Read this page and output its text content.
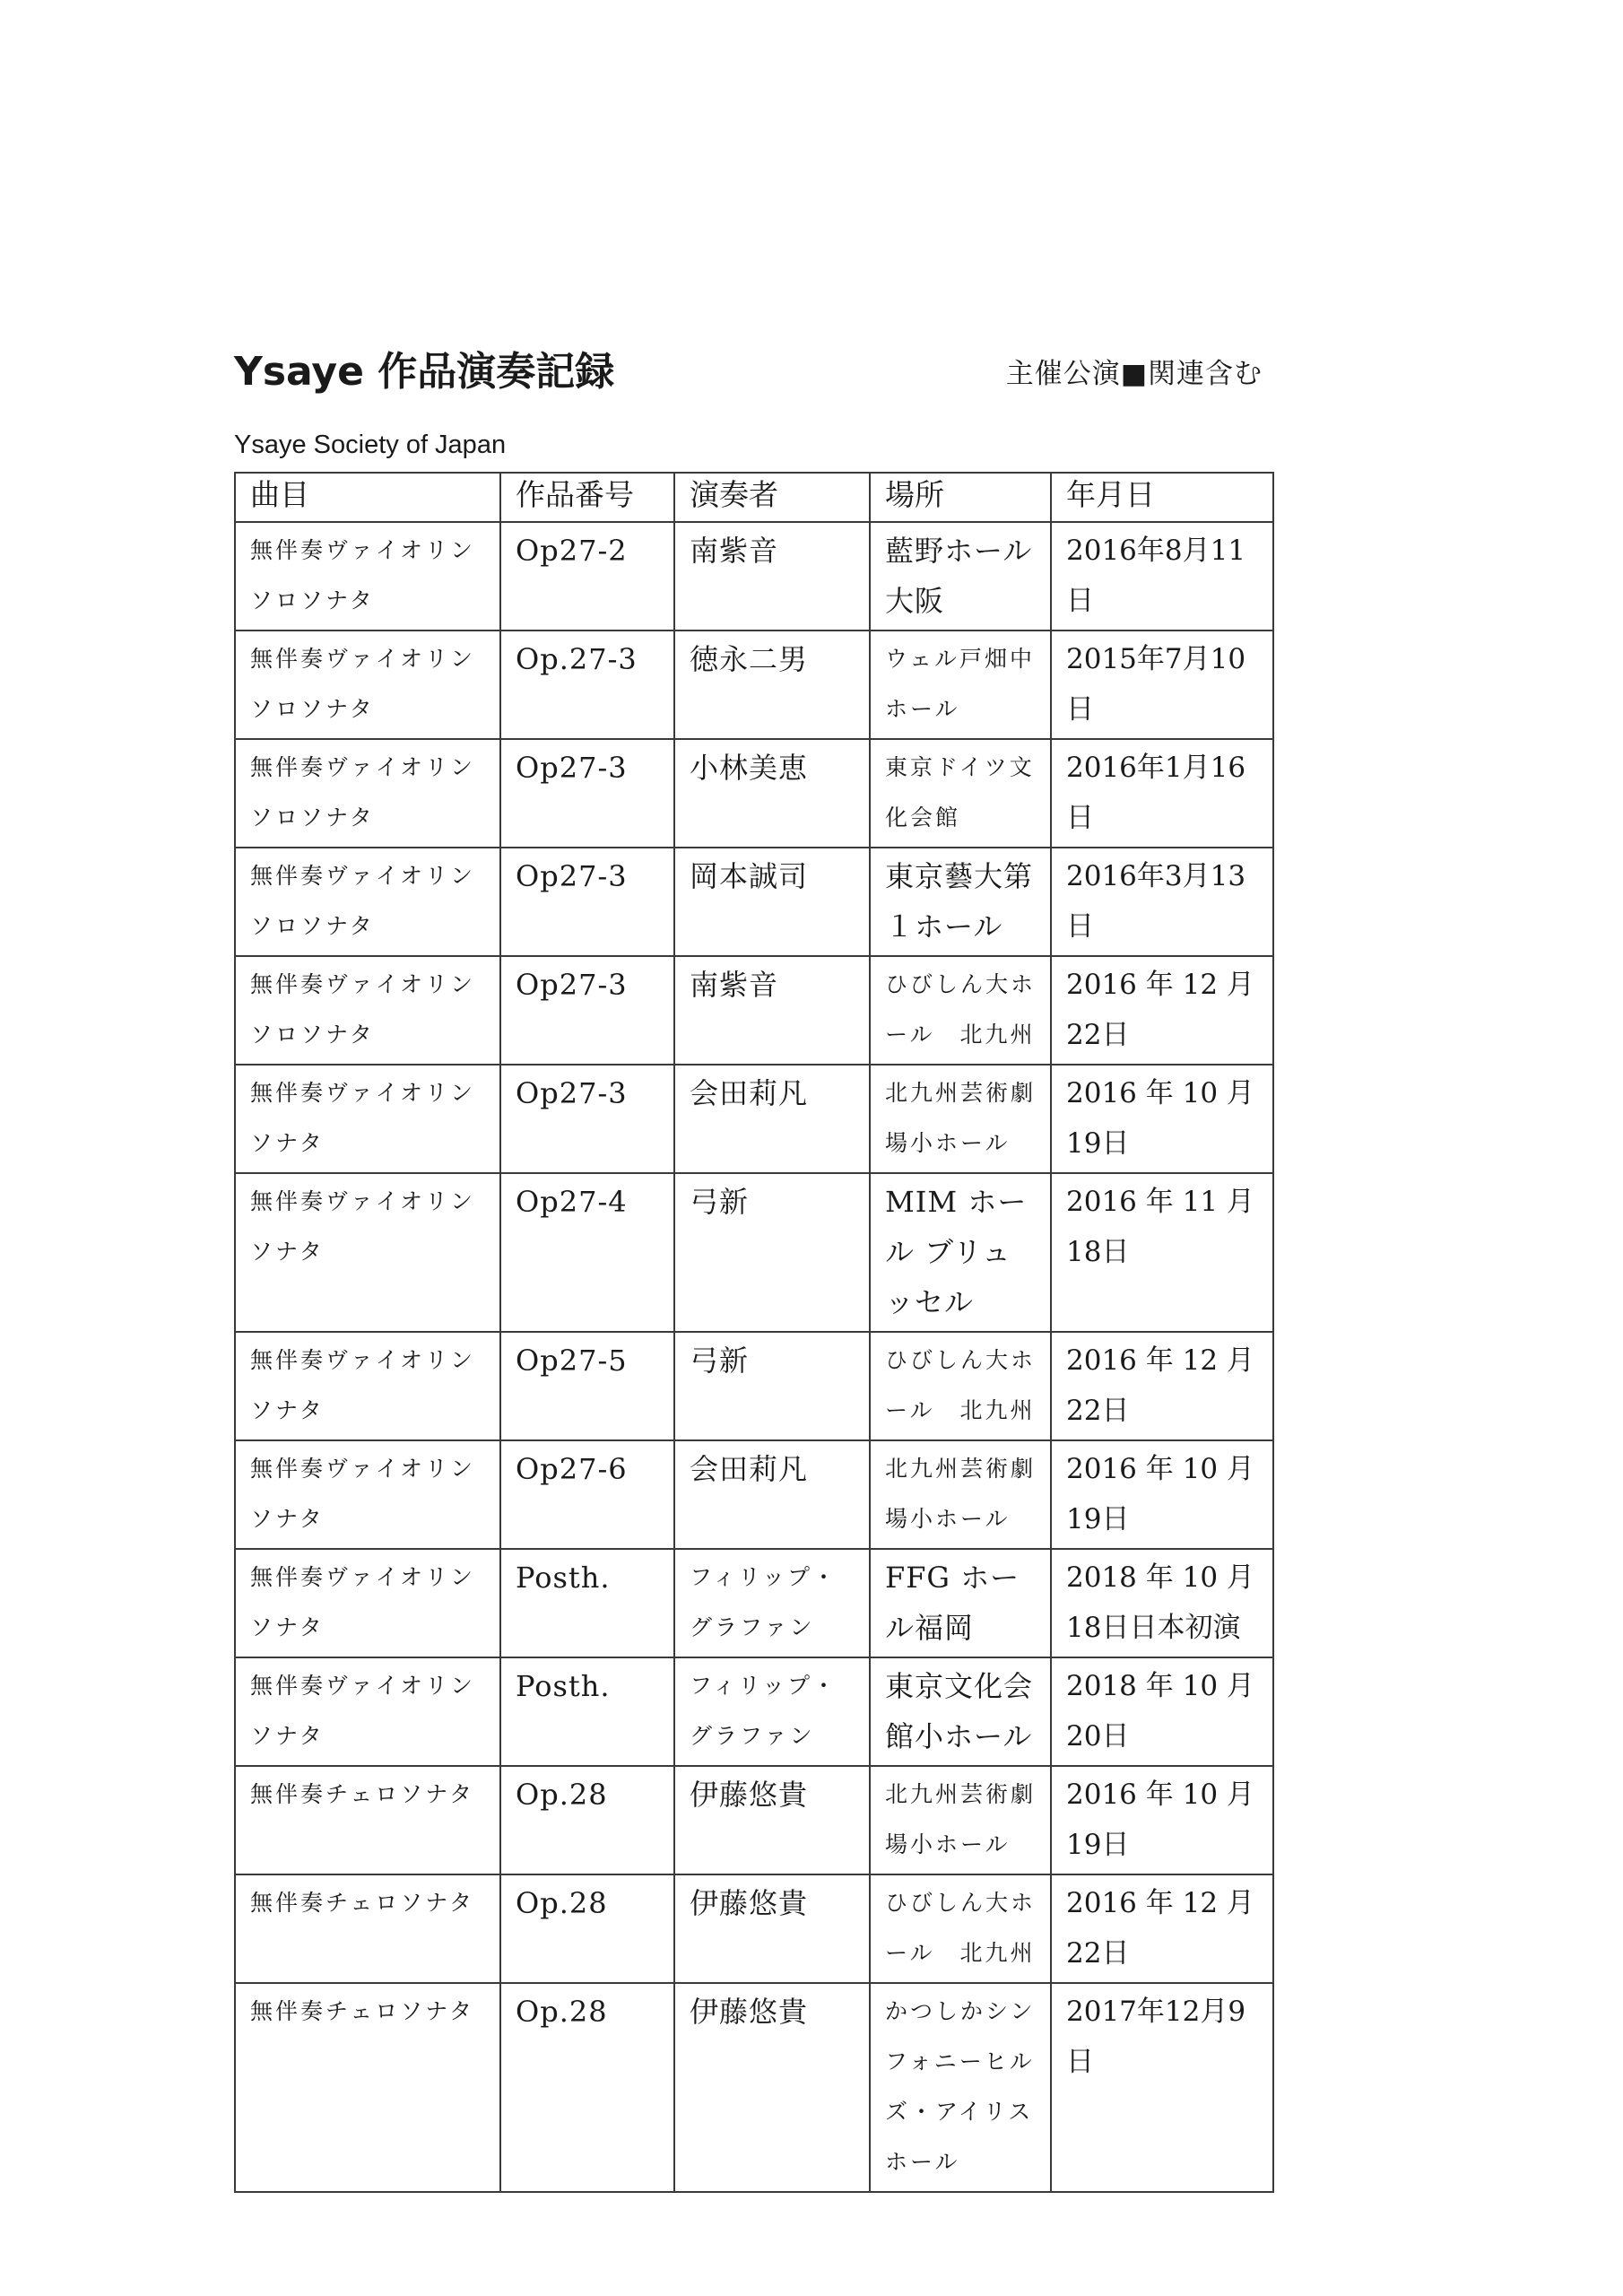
Ysaye 作品演奏記録	主催公演■関連含む
Ysaye Society of Japan
曲目	作品番号	演奏者	場所	年月日
無伴奏ヴァイオリンソロソナタ	Op27-2	南紫音	藍野ホール大阪	2016年8月11日
無伴奏ヴァイオリンソロソナタ	Op.27-3	徳永二男	ウェル戸畑中ホール	2015年7月10日
無伴奏ヴァイオリンソロソナタ	Op27-3	小林美恵	東京ドイツ文化会館	2016年1月16日
無伴奏ヴァイオリンソロソナタ	Op27-3	岡本誠司	東京藝大第１ホール	2016年3月13日
無伴奏ヴァイオリンソロソナタ	Op27-3	南紫音	ひびしん大ホール　北九州	2016 年 12 月 22日
無伴奏ヴァイオリンソナタ	Op27-3	会田莉凡	北九州芸術劇場小ホール	2016 年 10 月 19日
無伴奏ヴァイオリンソナタ	Op27-4	弓新	MIM ホール ブリュッセル	2016 年 11 月 18日
無伴奏ヴァイオリンソナタ	Op27-5	弓新	ひびしん大ホール　北九州	2016 年 12 月 22日
無伴奏ヴァイオリンソナタ	Op27-6	会田莉凡	北九州芸術劇場小ホール	2016 年 10 月 19日
無伴奏ヴァイオリンソナタ	Posth.	フィリップ・グラファン	FFG ホール福岡	2018 年 10 月 18日日本初演
無伴奏ヴァイオリンソナタ	Posth.	フィリップ・グラファン	東京文化会館小ホール	2018 年 10 月 20日
無伴奏チェロソナタ	Op.28	伊藤悠貴	北九州芸術劇場小ホール	2016 年 10 月 19日
無伴奏チェロソナタ	Op.28	伊藤悠貴	ひびしん大ホール　北九州	2016 年 12 月 22日
無伴奏チェロソナタ	Op.28	伊藤悠貴	かつしかシンフォニーヒルズ・アイリスホール	2017年12月9日
